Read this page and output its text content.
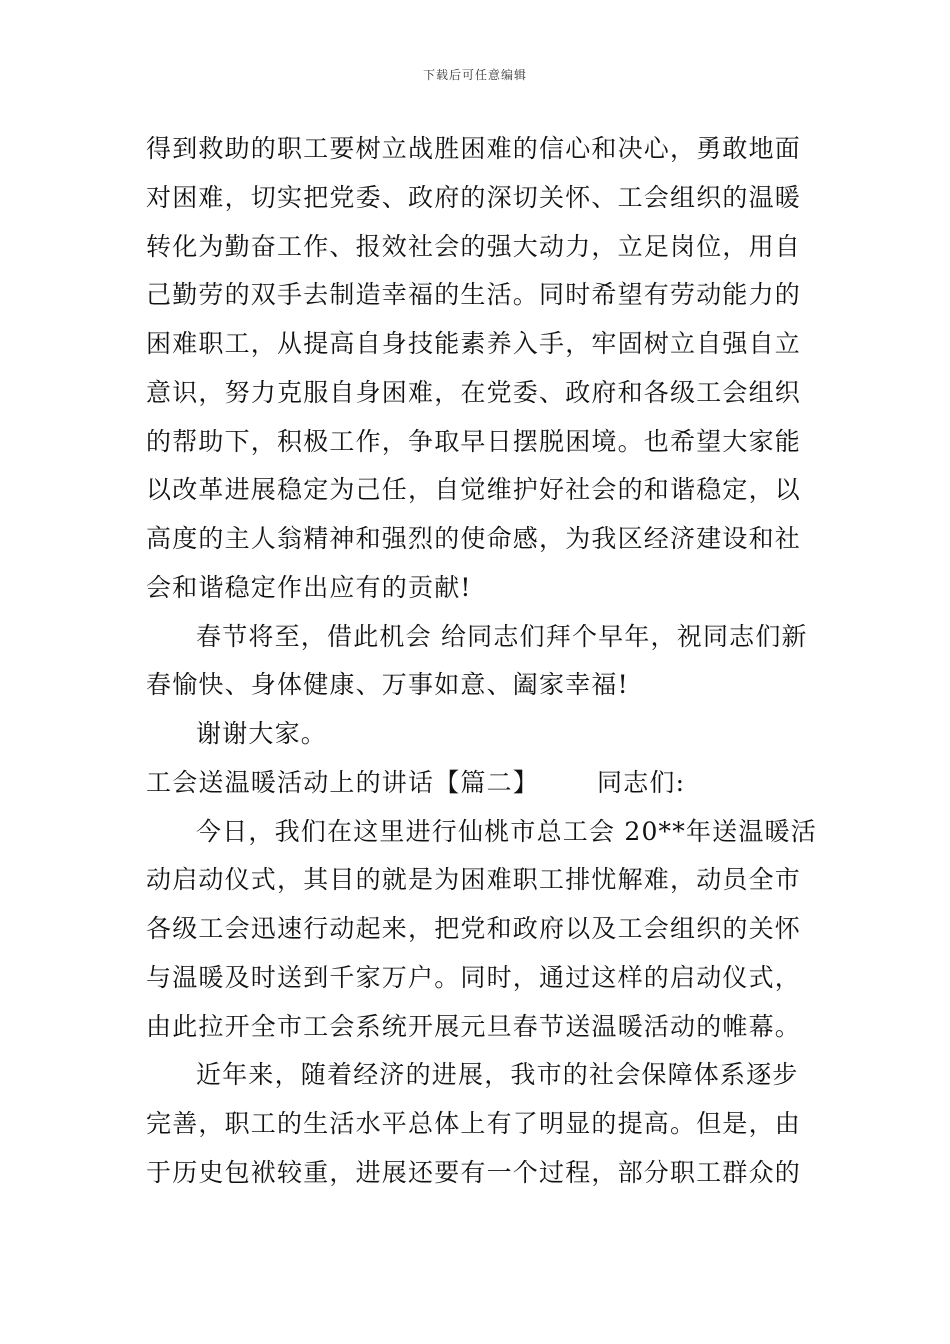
下载后可任意编辑
得到救助的职工要树立战胜困难的信心和决心，勇敢地面
对困难，切实把党委、政府的深切关怀、工会组织的温暖
转化为勤奋工作、报效社会的强大动力，立足岗位，用自
己勤劳的双手去制造幸福的生活。同时希望有劳动能力的
困难职工，从提高自身技能素养入手，牢固树立自强自立
意识，努力克服自身困难，在党委、政府和各级工会组织
的帮助下，积极工作，争取早日摆脱困境。也希望大家能
以改革进展稳定为己任，自觉维护好社会的和谐稳定，以
高度的主人翁精神和强烈的使命感，为我区经济建设和社
会和谐稳定作出应有的贡献!
春节将至，借此机会 给同志们拜个早年，祝同志们新
春愉快、身体健康、万事如意、阖家幸福!
谢谢大家。
工会送温暖活动上的讲话【篇二】 同志们:
今日，我们在这里进行仙桃市总工会 20**年送温暖活
动启动仪式，其目的就是为困难职工排忧解难，动员全市
各级工会迅速行动起来，把党和政府以及工会组织的关怀
与温暖及时送到千家万户。同时，通过这样的启动仪式，
由此拉开全市工会系统开展元旦春节送温暖活动的帷幕。
近年来，随着经济的进展，我市的社会保障体系逐步
完善，职工的生活水平总体上有了明显的提高。但是，由
于历史包袱较重，进展还要有一个过程，部分职工群众的
